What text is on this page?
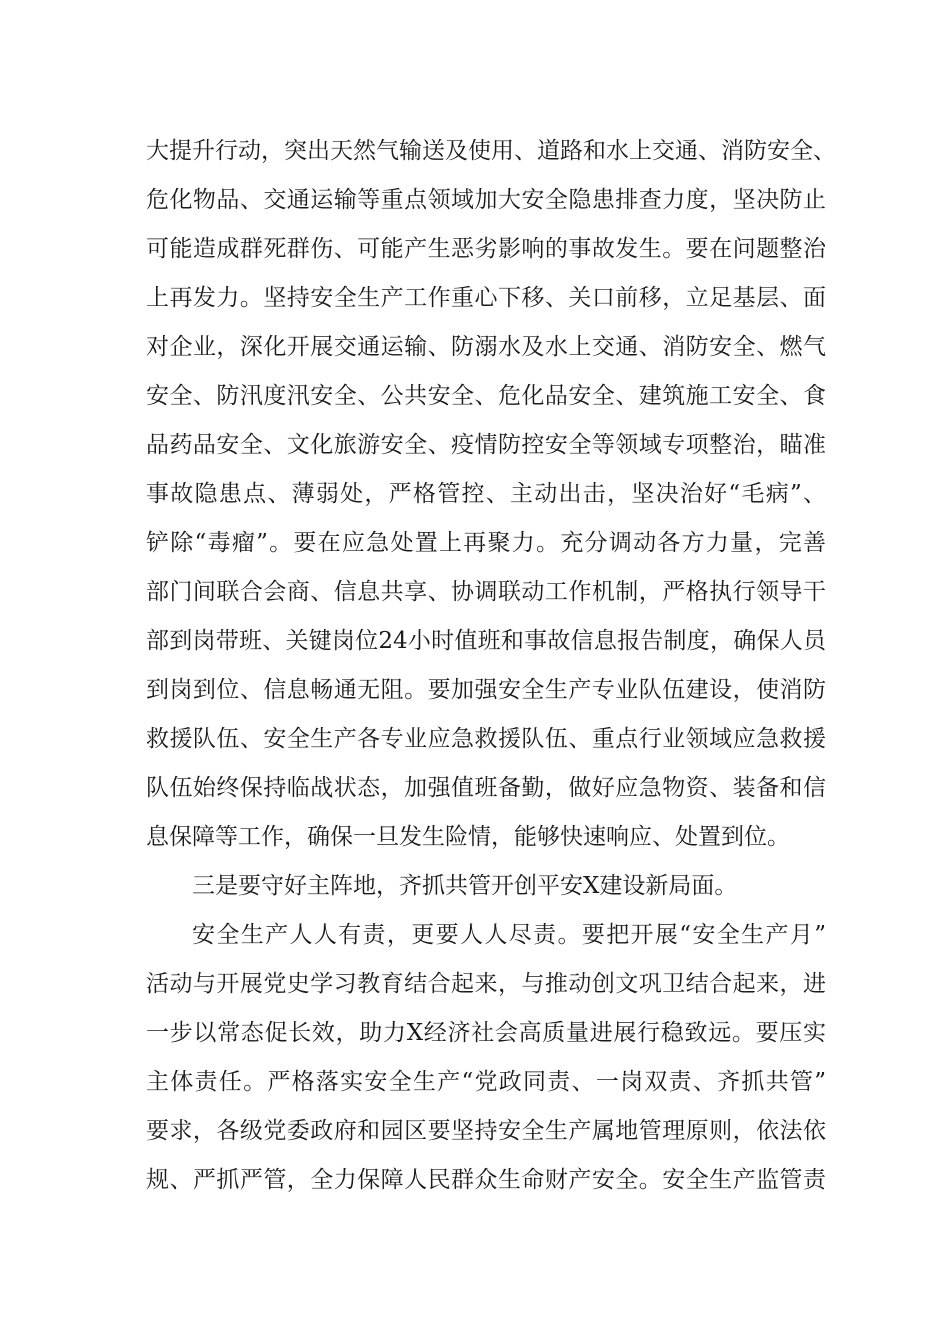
大提升行动，突出天然气输送及使用、道路和水上交通、消防安全、
危化物品、交通运输等重点领域加大安全隐患排查力度，坚决防止
可能造成群死群伤、可能产生恶劣影响的事故发生。要在问题整治
上再发力。坚持安全生产工作重心下移、关口前移，立足基层、面
对企业，深化开展交通运输、防溺水及水上交通、消防安全、燃气
安全、防汛度汛安全、公共安全、危化品安全、建筑施工安全、食
品药品安全、文化旅游安全、疫情防控安全等领域专项整治，瞄准
事故隐患点、薄弱处，严格管控、主动出击，坚决治好“毛病”、
铲除“毒瘤”。要在应急处置上再聚力。充分调动各方力量，完善
部门间联合会商、信息共享、协调联动工作机制，严格执行领导干
部到岗带班、关键岗位24小时值班和事故信息报告制度，确保人员
到岗到位、信息畅通无阻。要加强安全生产专业队伍建设，使消防
救援队伍、安全生产各专业应急救援队伍、重点行业领域应急救援
队伍始终保持临战状态，加强值班备勤，做好应急物资、装备和信
息保障等工作，确保一旦发生险情，能够快速响应、处置到位。
三是要守好主阵地，齐抓共管开创平安X建设新局面。
安全生产人人有责，更要人人尽责。要把开展“安全生产月”
活动与开展党史学习教育结合起来，与推动创文巩卫结合起来，进
一步以常态促长效，助力X经济社会高质量进展行稳致远。要压实
主体责任。严格落实安全生产“党政同责、一岗双责、齐抓共管”
要求，各级党委政府和园区要坚持安全生产属地管理原则，依法依
规、严抓严管，全力保障人民群众生命财产安全。安全生产监管责
